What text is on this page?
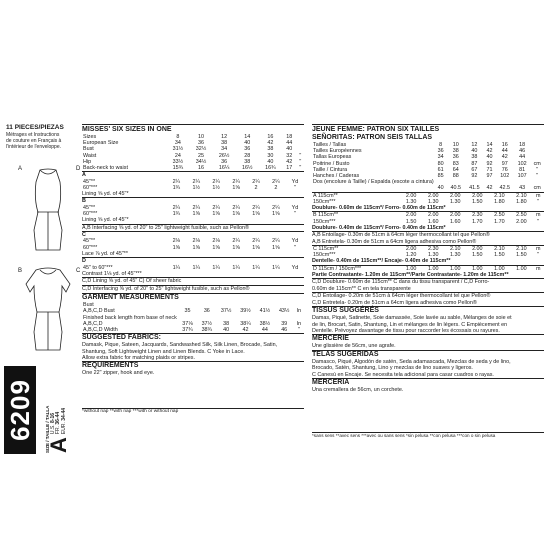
11 PIECES/PIEZAS
Métrages et Instructions
de couture en Français à
l'intérieur de l'enveloppe.
A	D
B	C
6209 SIZE / TAILLE / TALLA
A
U.S. 8-16
FR. 36-44
EUR. 34-44
MISSES' SIX SIZES IN ONE
Sizes	8	10	12	14	16	18	
European Size	34	36	38	40	42	44	
Bust	31½	32½	34	36	38	40	
Waist	24	25	26½	28	30	32	"
Hip	33½	34½	36	38	40	42	"
Back-neck to waist	15¾	16	16¼	16½	16¾	17	"
A
45"**	2¼	2¼	2¼	2¼	2¼	2¼	Yd
60"***	1¾	1½	1½	1⅝	2	2	"
Lining ⅝ yd. of 45"*
B
45"**	2¼	2¼	2¼	2¼	2¼	2¼	Yd
60"***	1¾	1⅝	1⅝	1⅝	1⅝	1⅝	"
Lining ⅝ yd. of 45"*
A,B Interfacing ⅝ yd. of 20" to 25" lightweight fusible, such as Pellon®
C
45"**	2⅛	2⅛	2⅛	2¼	2¼	2¼	Yd
60"***	1⅝	1⅝	1⅝	1⅝	1⅝	1⅝	"
Lace ⅞ yd. of 45"**
D
45" to 60"***	1¼	1¼	1¼	1¼	1¼	1¼	Yd
Contrast 1⅛ yd. of 45"***
C,D Lining ⅝ yd. of 45" C) Of sheer fabric
C,D Interfacing ⅝ yd. of 20" to 25" lightweight fusible, such as Pellon®
GARMENT MEASUREMENTS
Bust							
A,B,C,D Bust	35	36	37½	39½	41½	43½	In
Finished back length from base of neck							
A,B,C,D	37⅛	37½	38	38¼	38½	39	In
A,B,C,D Width	37¾	38¾	40	42	44	46	"
SUGGESTED FABRICS:
Damask, Pique, Sateen, Jacquards, Sandwashed Silk, Silk Linen, Brocade, Satin,
Shantung, Soft Lightweight Linen and Linen Blends. C Yoke in Lace.
Allow extra fabric for matching plaids or stripes.
REQUIREMENTS
One 22" zipper, hook and eye.
*without nap **with nap ***with or without nap
JEUNE FEMME: PATRON SIX TAILLES
SEÑORITAS: PATRON SEIS TALLAS
Tailles / Tallas	8	10	12	14	16	18	
Tailles Européennes	36	38	40	42	44	46	
Tallas Europeas	34	36	38	40	42	44	
Poitrine / Busto	80	83	87	92	97	102	cm
Taille / Cintura	61	64	67	71	76	81	"
Hanches / Caderas	85	88	92	97	102	107	"
Dos (encolure à Taille) / Espalda (escote a cintura)							
	40	40.5	41.5	42	42.5	43	cm
A 115cm**	2.00	2.00	2.00	2.00	2.10	2.10	m
150cm***	1.30	1.30	1.30	1.50	1.80	1.80	"
Doublure- 0.60m de 115cm*/ Forro- 0.60m de 115cm*
B 115cm**	2.00	2.00	2.00	2.30	2.50	2.50	m
150cm***	1.50	1.60	1.60	1.70	1.70	2.00	"
Doublure- 0.40m de 115cm*/ Forro- 0.40m de 115cm*
A,B Entoilage- 0.30m de 51cm à 64cm léger thermocollant tel que Pellon®
A,B Entretela- 0.30m de 51cm a 64cm ligera adhesiva como Pellon®
C 115cm**	2.00	2.30	2.10	2.00	2.10	2.10	m
150cm***	1.20	1.30	1.30	1.50	1.50	1.50	"
Dentelle- 0.40m de 115cm**/ Encaje- 0.40m de 115cm**
D 115cm / 150cm***	1.00	1.00	1.00	1.00	1.00	1.00	m
Partie Contrastante- 1.20m de 115cm**/Parte Contrastante- 1.20m de 115cm**
C,D Doublure- 0.60m de 115cm** C dans du tissu transparent / C,D Forro-
0.60m de 115cm** C en tela transparente
C,D Entoilage- 0.20m de 51cm à 64cm léger thermocollant tel que Pellon®
C,D Entretela- 0.20m de 51cm a 64cm ligera adhesiva como Pellon®
TISSUS SUGGÉRÉS
Damas, Piqué, Satinette, Soie damassée, Soie lavée au sable, Mélanges de soie et
de lin, Brocart, Satin, Shantung, Lin et mélanges de lin légers. C Empiècement en
Dentelle. Prévoyez davantage de tissu pour raccorder les écossais ou rayures.
MERCERIE
Une glissière de 56cm, une agrafe.
TELAS SUGERIDAS
Damasco, Piqué, Algodón de satén, Seda adamascada, Mezclas de seda y de lino,
Brocado, Satén, Shantung, Lino y mezclas de lino suaves y ligeros.
C Canesú en Encaje. Se necesita tela adicional para casar cuadros o rayas.
MERCERIA
Una cremallera de 56cm, un corchete.
*sans sens **avec sens ***avec ou sans sens *sin pelusa **con pelusa ***con o sin pelusa
